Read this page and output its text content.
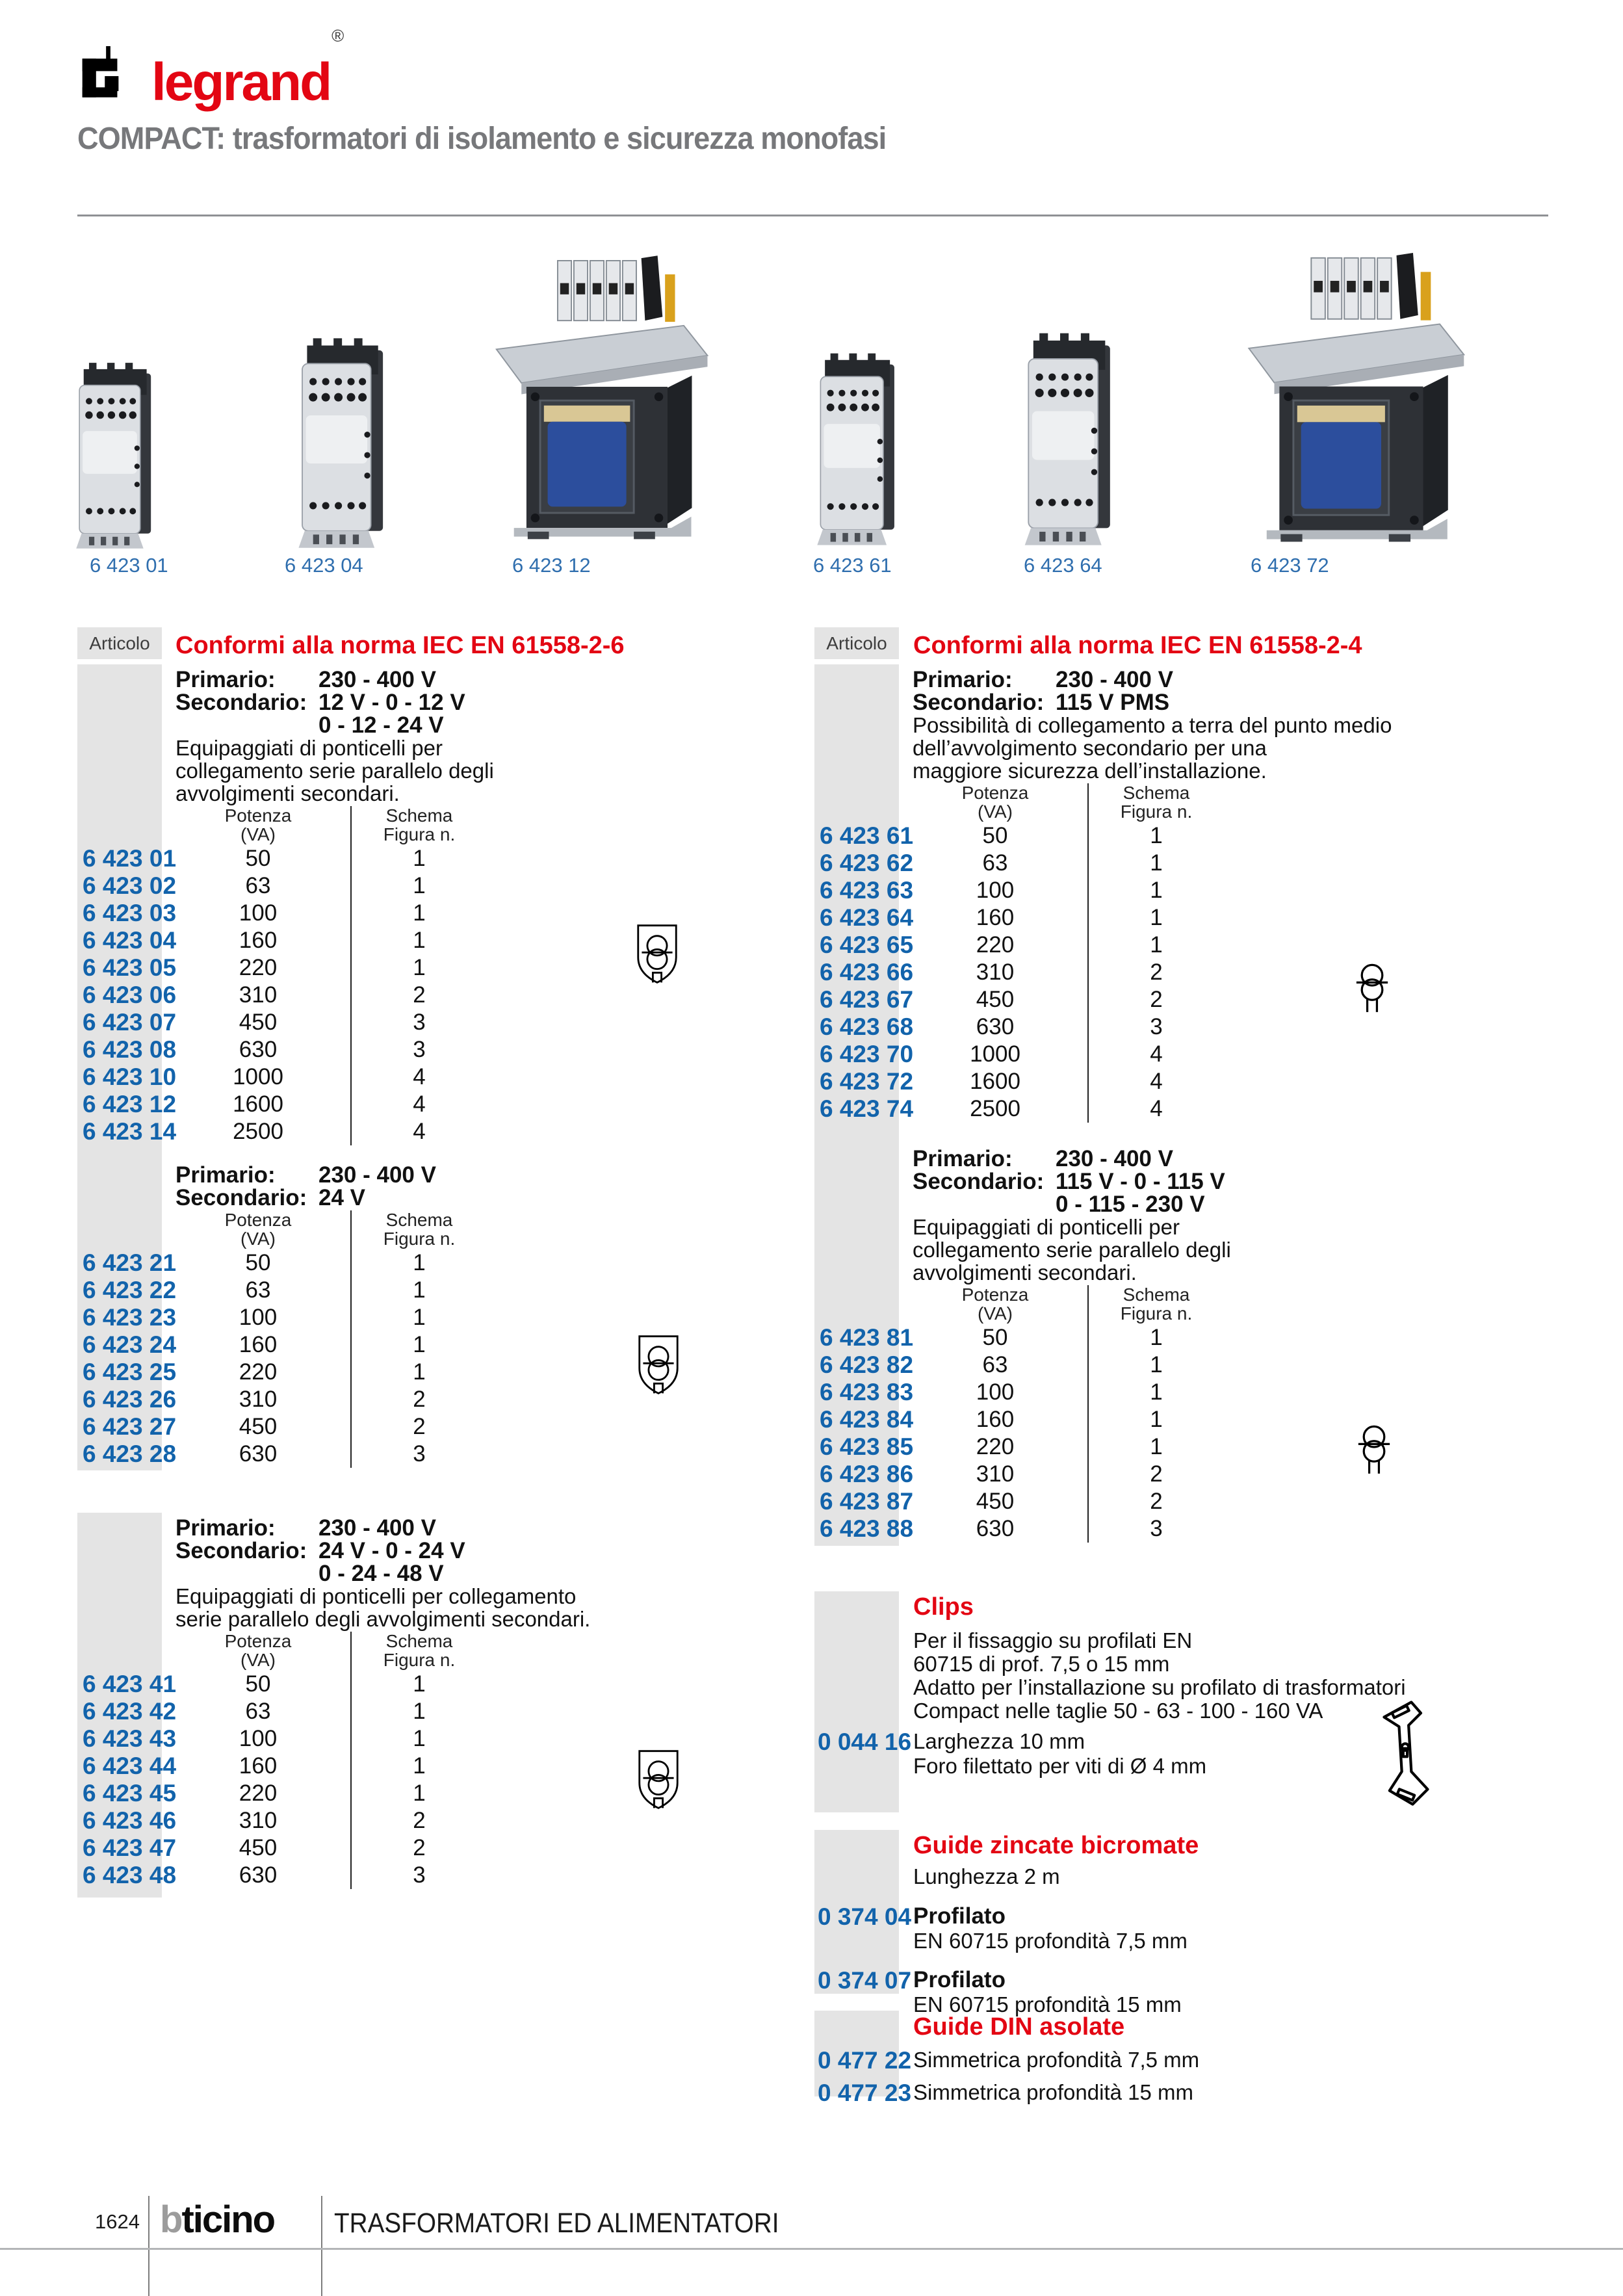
legrand®
COMPACT: trasformatori di isolamento e sicurezza monofasi
6 423 01	6 423 04	6 423 12	6 423 61	6 423 64	6 423 72
Articolo	Articolo
Conformi alla norma IEC EN 61558-2-6	Conformi alla norma IEC EN 61558-2-4
Primario:	230 - 400 V
Secondario: 12 V - 0 - 12 V
0 - 12 - 24 V
Equipaggiati di ponticelli per
collegamento serie parallelo degli
avvolgimenti secondari.
Potenza
(VA)
Schema
Figura n.
6 423 01	50	1
6 423 02	63	1
6 423 03	100	1
6 423 04	160	1
6 423 05	220	1
6 423 06	310	2
6 423 07	450	3
6 423 08	630	3
6 423 10	1000	4
6 423 12	1600	4
6 423 14	2500	4
Primario:	230 - 400 V
Secondario: 24 V
Potenza
(VA)
Schema
Figura n.
6 423 21	50	1
6 423 22	63	1
6 423 23	100	1
6 423 24	160	1
6 423 25	220	1
6 423 26	310	2
6 423 27	450	2
6 423 28	630	3
Primario:	230 - 400 V
Secondario: 24 V - 0 - 24 V
0 - 24 - 48 V
Equipaggiati di ponticelli per collegamento
serie parallelo degli avvolgimenti secondari.
Potenza
(VA)
Schema
Figura n.
6 423 41	50	1
6 423 42	63	1
6 423 43	100	1
6 423 44	160	1
6 423 45	220	1
6 423 46	310	2
6 423 47	450	2
6 423 48	630	3
Primario:	230 - 400 V
Secondario: 115 V PMS
Possibilità di collegamento a terra del punto medio
dell’avvolgimento secondario per una
maggiore sicurezza dell’installazione.
Potenza
(VA)
Schema
Figura n.
6 423 61	50	1
6 423 62	63	1
6 423 63	100	1
6 423 64	160	1
6 423 65	220	1
6 423 66	310	2
6 423 67	450	2
6 423 68	630	3
6 423 70	1000	4
6 423 72	1600	4
6 423 74	2500	4
Primario:	230 - 400 V
Secondario: 115 V - 0 - 115 V
0 - 115 - 230 V
Equipaggiati di ponticelli per
collegamento serie parallelo degli
avvolgimenti secondari.
Potenza
(VA)
Schema
Figura n.
6 423 81	50	1
6 423 82	63	1
6 423 83	100	1
6 423 84	160	1
6 423 85	220	1
6 423 86	310	2
6 423 87	450	2
6 423 88	630	3
Clips
Per il fissaggio su profilati EN
60715 di prof. 7,5 o 15 mm
Adatto per l’installazione su profilato di trasformatori
Compact nelle taglie 50 - 63 - 100 - 160 VA
0 044 16 Larghezza 10 mm
Foro filettato per viti di Ø 4 mm
Guide zincate bicromate
Lunghezza 2 m
0 374 04 Profilato
EN 60715 profondità 7,5 mm
0 374 07 Profilato
EN 60715 profondità 15 mm
Guide DIN asolate
0 477 22 Simmetrica profondità 7,5 mm
0 477 23 Simmetrica profondità 15 mm
1624 bticino TRASFORMATORI ED ALIMENTATORI
